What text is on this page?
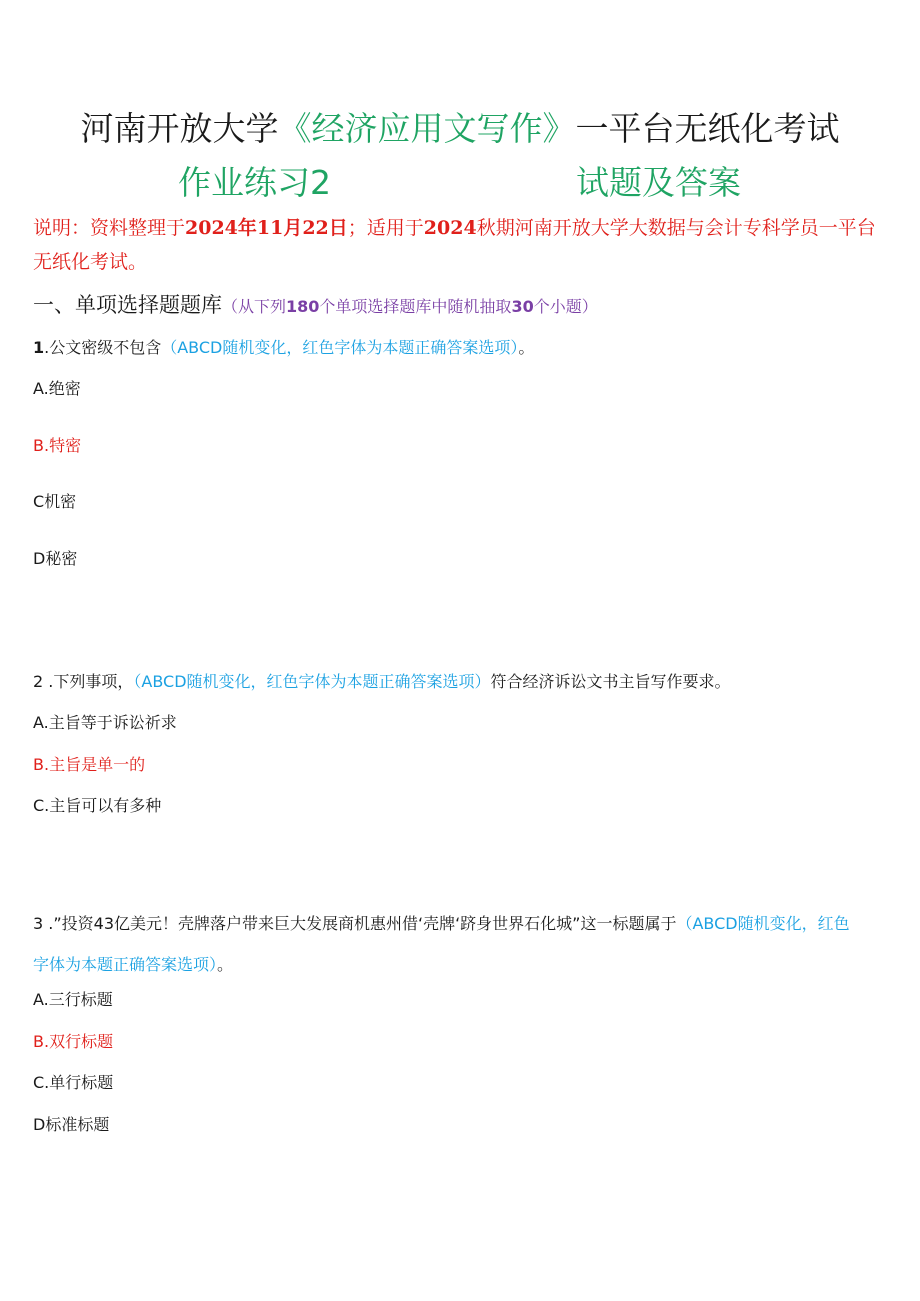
河南开放大学《经济应用文写作》一平台无纸化考试
作业练习2	试题及答案
说明：资料整理于2024年11月22日；适用于2024秋期河南开放大学大数据与会计专科学员一平台无纸化考试。
一、单项选择题题库（从下列180个单项选择题库中随机抽取30个小题）
1.公文密级不包含（ABCD随机变化，红色字体为本题正确答案选项）。
A.绝密
B.特密
C机密
D秘密
2 .下列事项，（ABCD随机变化，红色字体为本题正确答案选项）符合经济诉讼文书主旨写作要求。
A.主旨等于诉讼祈求
B.主旨是单一的
C.主旨可以有多种
3 .”投资43亿美元！壳牌落户带来巨大发展商机惠州借‘壳牌‘跻身世界石化城”这一标题属于（ABCD随机变化，红色字体为本题正确答案选项）。
A.三行标题
B.双行标题
C.单行标题
D标准标题
